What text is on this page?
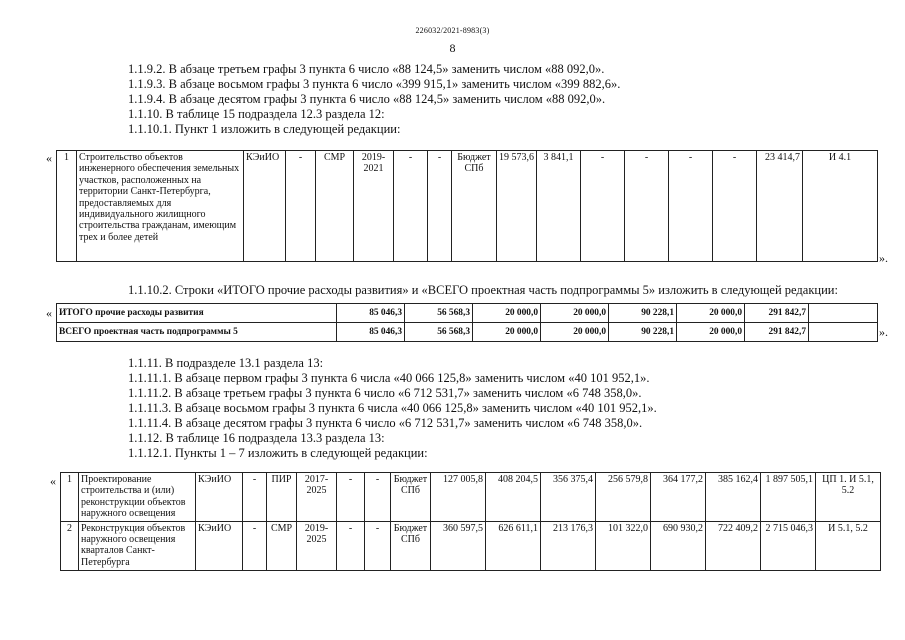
226032/2021-8983(3)
8
1.1.9.2. В абзаце третьем графы 3 пункта 6 число «88 124,5» заменить числом «88 092,0».
1.1.9.3. В абзаце восьмом графы 3 пункта 6 число «399 915,1» заменить числом «399 882,6».
1.1.9.4. В абзаце десятом графы 3 пункта 6 число «88 124,5» заменить числом «88 092,0».
1.1.10. В таблице 15 подраздела 12.3 раздела 12:
1.1.10.1. Пункт 1 изложить в следующей редакции:
« 1	Строительство объектов инженерного обеспечения земельных участков, расположенных на территории Санкт-Петербурга, предоставляемых для индивидуального жилищного строительства гражданам, имеющим трех и более детей	КЭиИО	-	СМР	2019-2021	-	-	Бюджет СПб	19 573,6	3 841,1	-	-	-	-	23 414,7	И 4.1
».
1.1.10.2. Строки «ИТОГО прочие расходы развития» и «ВСЕГО проектная часть подпрограммы 5» изложить в следующей редакции:
« ИТОГО прочие расходы развития	85 046,3	56 568,3	20 000,0	20 000,0	90 228,1	20 000,0	291 842,7	
ВСЕГО проектная часть подпрограммы 5	85 046,3	56 568,3	20 000,0	20 000,0	90 228,1	20 000,0	291 842,7		».
1.1.11. В подразделе 13.1 раздела 13:
1.1.11.1. В абзаце первом графы 3 пункта 6 числа «40 066 125,8» заменить числом «40 101 952,1».
1.1.11.2. В абзаце третьем графы 3 пункта 6 число «6 712 531,7» заменить числом «6 748 358,0».
1.1.11.3. В абзаце восьмом графы 3 пункта 6 числа «40 066 125,8» заменить числом «40 101 952,1».
1.1.11.4. В абзаце десятом графы 3 пункта 6 число «6 712 531,7» заменить числом «6 748 358,0».
1.1.12. В таблице 16 подраздела 13.3 раздела 13:
1.1.12.1. Пункты 1 – 7 изложить в следующей редакции:
« 1	Проектирование строительства и (или) реконструкции объектов наружного освещения	КЭиИО	-	ПИР	2017-2025	-	-	Бюджет СПб	127 005,8	408 204,5	356 375,4	256 579,8	364 177,2	385 162,4	1 897 505,1	ЦП 1. И 5.1, 5.2
2	Реконструкция объектов наружного освещения кварталов Санкт-Петербурга	КЭиИО	-	СМР	2019-2025	-	-	Бюджет СПб	360 597,5	626 611,1	213 176,3	101 322,0	690 930,2	722 409,2	2 715 046,3	И 5.1, 5.2
